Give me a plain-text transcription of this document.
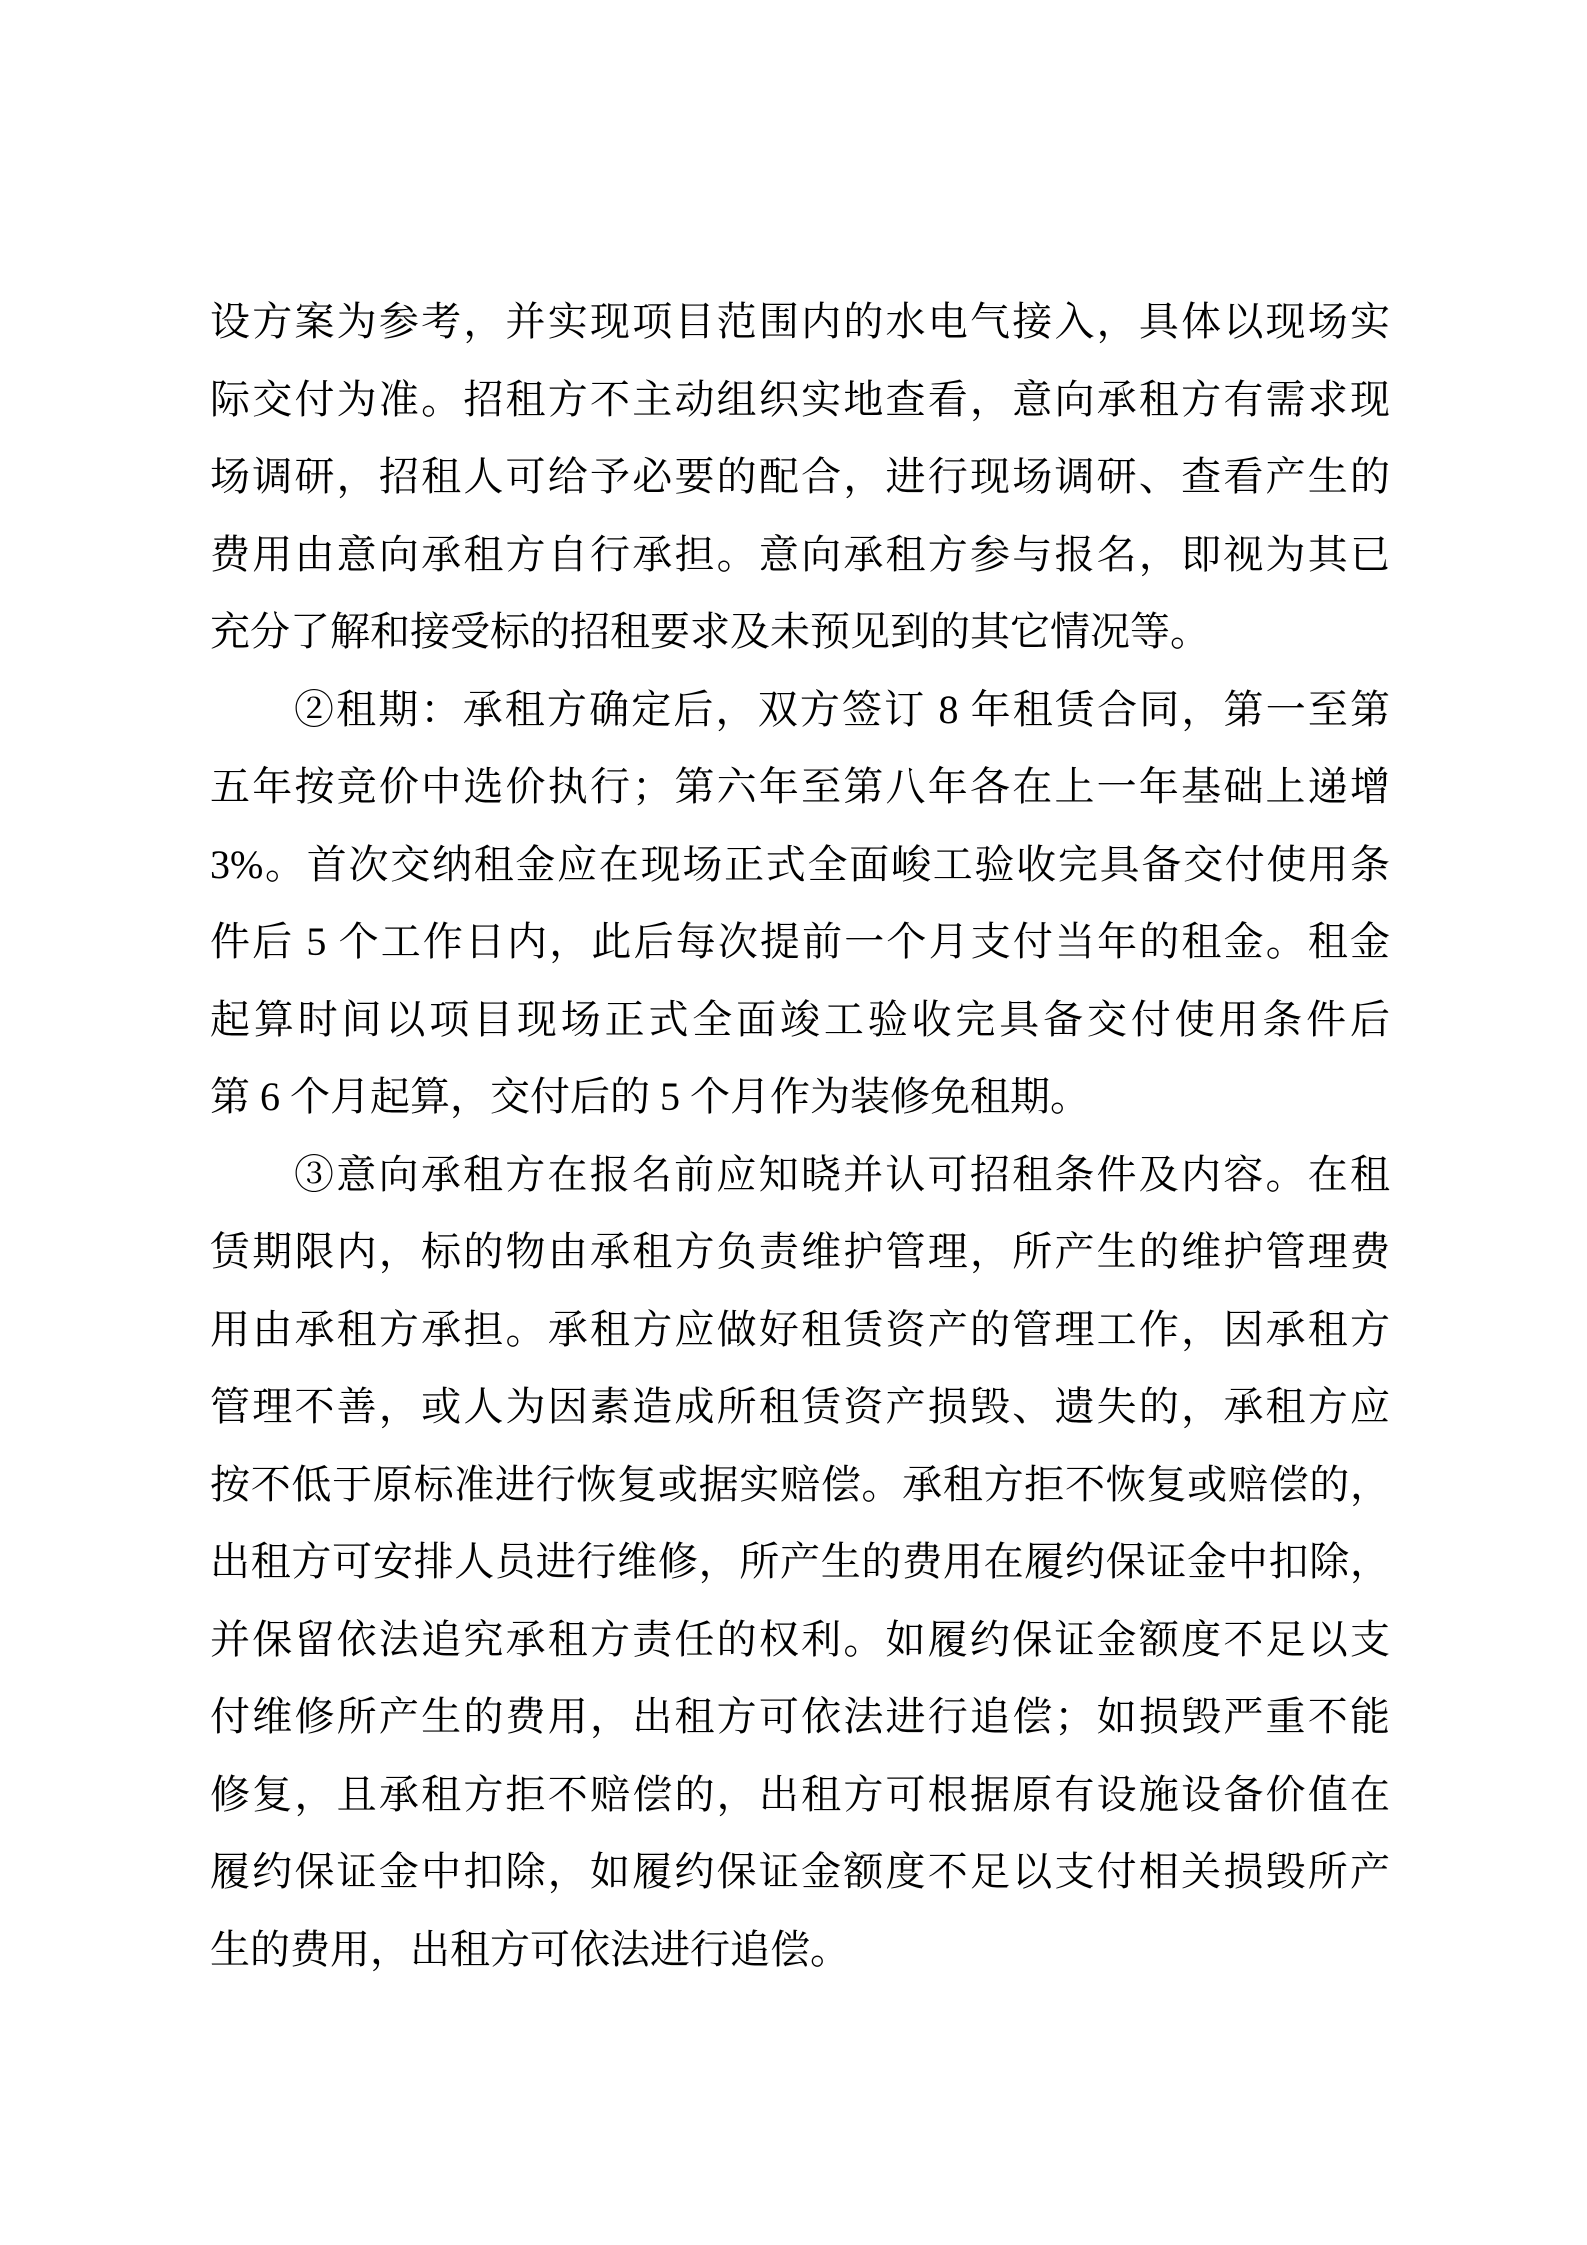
设方案为参考，并实现项目范围内的水电气接入，具体以现场实
际交付为准。招租方不主动组织实地查看，意向承租方有需求现
场调研，招租人可给予必要的配合，进行现场调研、查看产生的
费用由意向承租方自行承担。意向承租方参与报名，即视为其已
充分了解和接受标的招租要求及未预见到的其它情况等。
②租期：承租方确定后，双方签订 8 年租赁合同，第一至第
五年按竞价中选价执行；第六年至第八年各在上一年基础上递增
3%。首次交纳租金应在现场正式全面峻工验收完具备交付使用条
件后 5 个工作日内，此后每次提前一个月支付当年的租金。租金
起算时间以项目现场正式全面竣工验收完具备交付使用条件后
第 6 个月起算，交付后的 5 个月作为装修免租期。
③意向承租方在报名前应知晓并认可招租条件及内容。在租
赁期限内，标的物由承租方负责维护管理，所产生的维护管理费
用由承租方承担。承租方应做好租赁资产的管理工作，因承租方
管理不善，或人为因素造成所租赁资产损毁、遗失的，承租方应
按不低于原标准进行恢复或据实赔偿。承租方拒不恢复或赔偿的，
出租方可安排人员进行维修，所产生的费用在履约保证金中扣除，
并保留依法追究承租方责任的权利。如履约保证金额度不足以支
付维修所产生的费用，出租方可依法进行追偿；如损毁严重不能
修复，且承租方拒不赔偿的，出租方可根据原有设施设备价值在
履约保证金中扣除，如履约保证金额度不足以支付相关损毁所产
生的费用，出租方可依法进行追偿。
